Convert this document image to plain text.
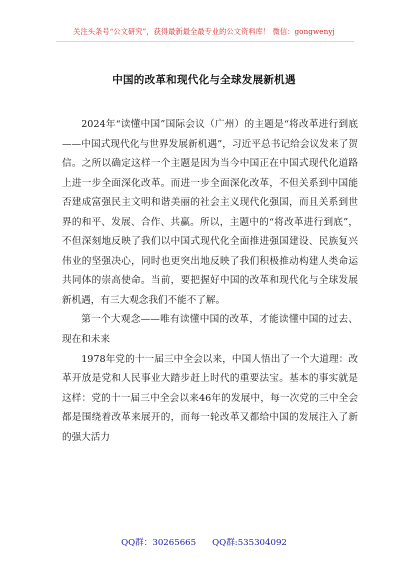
关注头条号“公文研究”，获得最新最全最专业的公文资料库！ 微信：gongwenyj
中国的改革和现代化与全球发展新机遇

2024年“读懂中国”国际会议（广州）的主题是“将改革进行到底——中国式现代化与世界发展新机遇”，习近平总书记给会议发来了贺信。之所以确定这样一个主题是因为当今中国正在中国式现代化道路上进一步全面深化改革。而进一步全面深化改革，不但关系到中国能否建成富强民主文明和谐美丽的社会主义现代化强国，而且关系到世界的和平、发展、合作、共赢。所以，主题中的“将改革进行到底”，不但深刻地反映了我们以中国式现代化全面推进强国建设、民族复兴伟业的坚强决心，同时也更突出地反映了我们积极推动构建人类命运共同体的崇高使命。当前，要把握好中国的改革和现代化与全球发展新机遇，有三大观念我们不能不了解。

第一个大观念——唯有读懂中国的改革，才能读懂中国的过去、现在和未来

1978年党的十一届三中全会以来，中国人悟出了一个大道理：改革开放是党和人民事业大踏步赶上时代的重要法宝。基本的事实就是这样：党的十一届三中全会以来46年的发展中，每一次党的三中全会都是围绕着改革来展开的，而每一轮改革又都给中国的发展注入了新的强大活力

QQ群：30265665 QQ群:535304092
